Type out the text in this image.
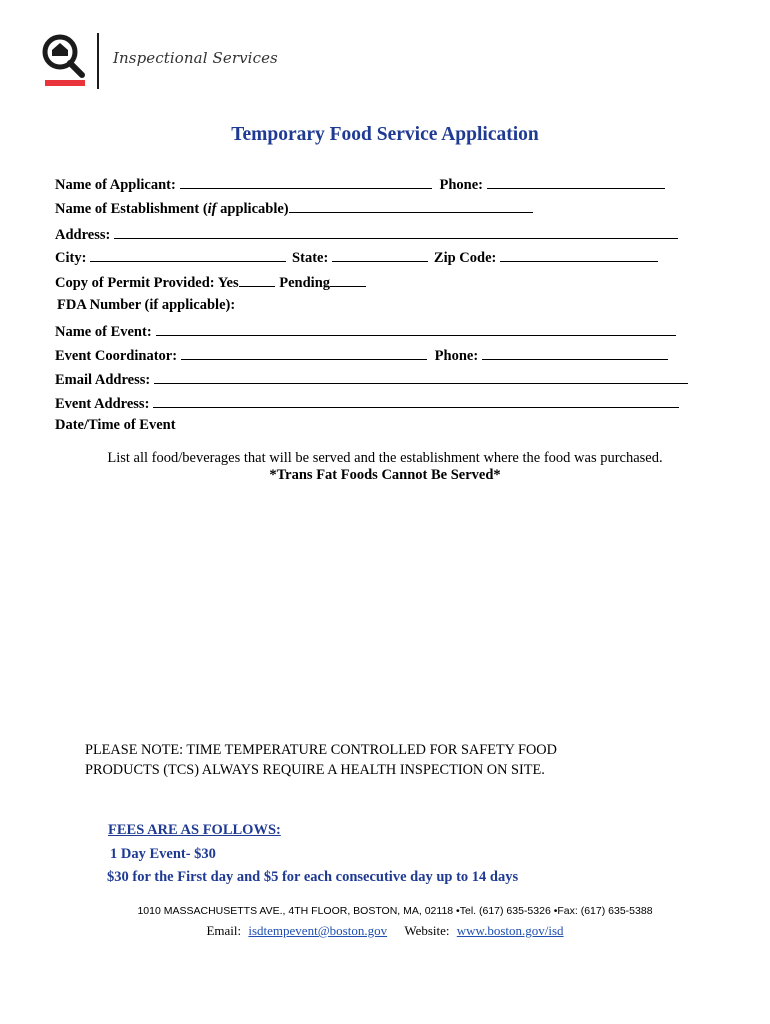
Inspectional Services
Temporary Food Service Application
Name of Applicant:	Phone:
Name of Establishment (if applicable)
Address:
City:	State:	Zip Code:
Copy of Permit Provided: Yes	Pending
FDA Number (if applicable):
Name of Event:
Event Coordinator:	Phone:
Email Address:
Event Address:
Date/Time of Event
List all food/beverages that will be served and the establishment where the food was purchased.
*Trans Fat Foods Cannot Be Served*
PLEASE NOTE: TIME TEMPERATURE CONTROLLED FOR SAFETY FOOD
PRODUCTS (TCS) ALWAYS REQUIRE A HEALTH INSPECTION ON SITE.
FEES ARE AS FOLLOWS:
1 Day Event- $30
$30 for the First day and $5 for each consecutive day up to 14 days
1010 MASSACHUSETTS AVE., 4TH FLOOR, BOSTON, MA, 02118 •Tel. (617) 635-5326 •Fax: (617) 635-5388
Email: isdtempevent@boston.gov Website: www.boston.gov/isd
